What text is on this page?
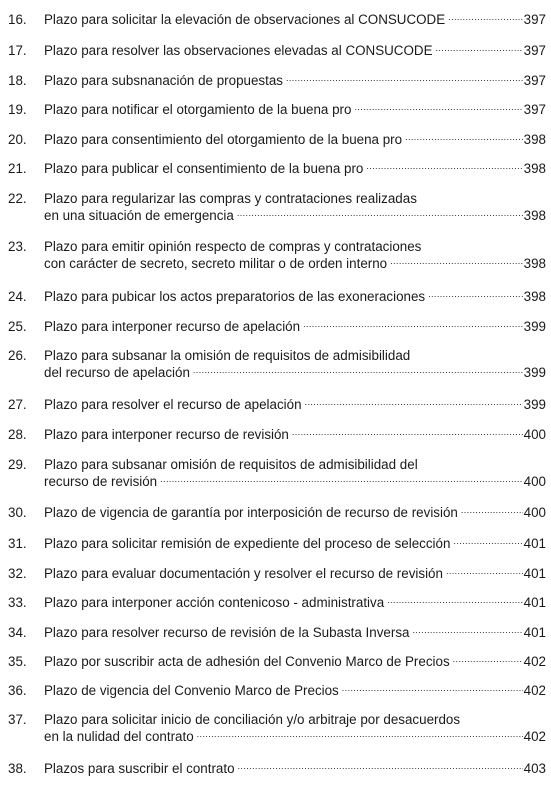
16.	Plazo para solicitar la elevación de observaciones al CONSUCODE .....	397
17.	Plazo para resolver las observaciones elevadas al CONSUCODE .....	397
18.	Plazo para subsnanación de propuestas .....	397
19.	Plazo para notificar el otorgamiento de la buena pro .....	397
20.	Plazo para consentimiento del otorgamiento de la buena pro .....	398
21.	Plazo para publicar el consentimiento de la buena pro .....	398
22.	Plazo para regularizar las compras y contrataciones realizadas
en una situación de emergencia .....	398
23.	Plazo para emitir opinión respecto de compras y contrataciones
con carácter de secreto, secreto militar o de orden interno .....	398
24.	Plazo para pubicar los actos preparatorios de las exoneraciones .....	398
25.	Plazo para interponer recurso de apelación .....	399
26.	Plazo para subsanar la omisión de requisitos de admisibilidad
del recurso de apelación .....	399
27.	Plazo para resolver el recurso de apelación .....	399
28.	Plazo para interponer recurso de revisión .....	400
29.	Plazo para subsanar omisión de requisitos de admisibilidad del
recurso de revisión .....	400
30.	Plazo de vigencia de garantía por interposición de recurso de revisión .....	400
31.	Plazo para solicitar remisión de expediente del proceso de selección .....	401
32.	Plazo para evaluar documentación y resolver el recurso de revisión .....	401
33.	Plazo para interponer acción contenicoso - administrativa .....	401
34.	Plazo para resolver recurso de revisión de la Subasta Inversa .....	401
35.	Plazo por suscribir acta de adhesión del Convenio Marco de Precios .....	402
36.	Plazo de vigencia del Convenio Marco de Precios .....	402
37.	Plazo para solicitar inicio de conciliación y/o arbitraje por desacuerdos
en la nulidad del contrato .....	402
38.	Plazos para suscribir el contrato .....	403
